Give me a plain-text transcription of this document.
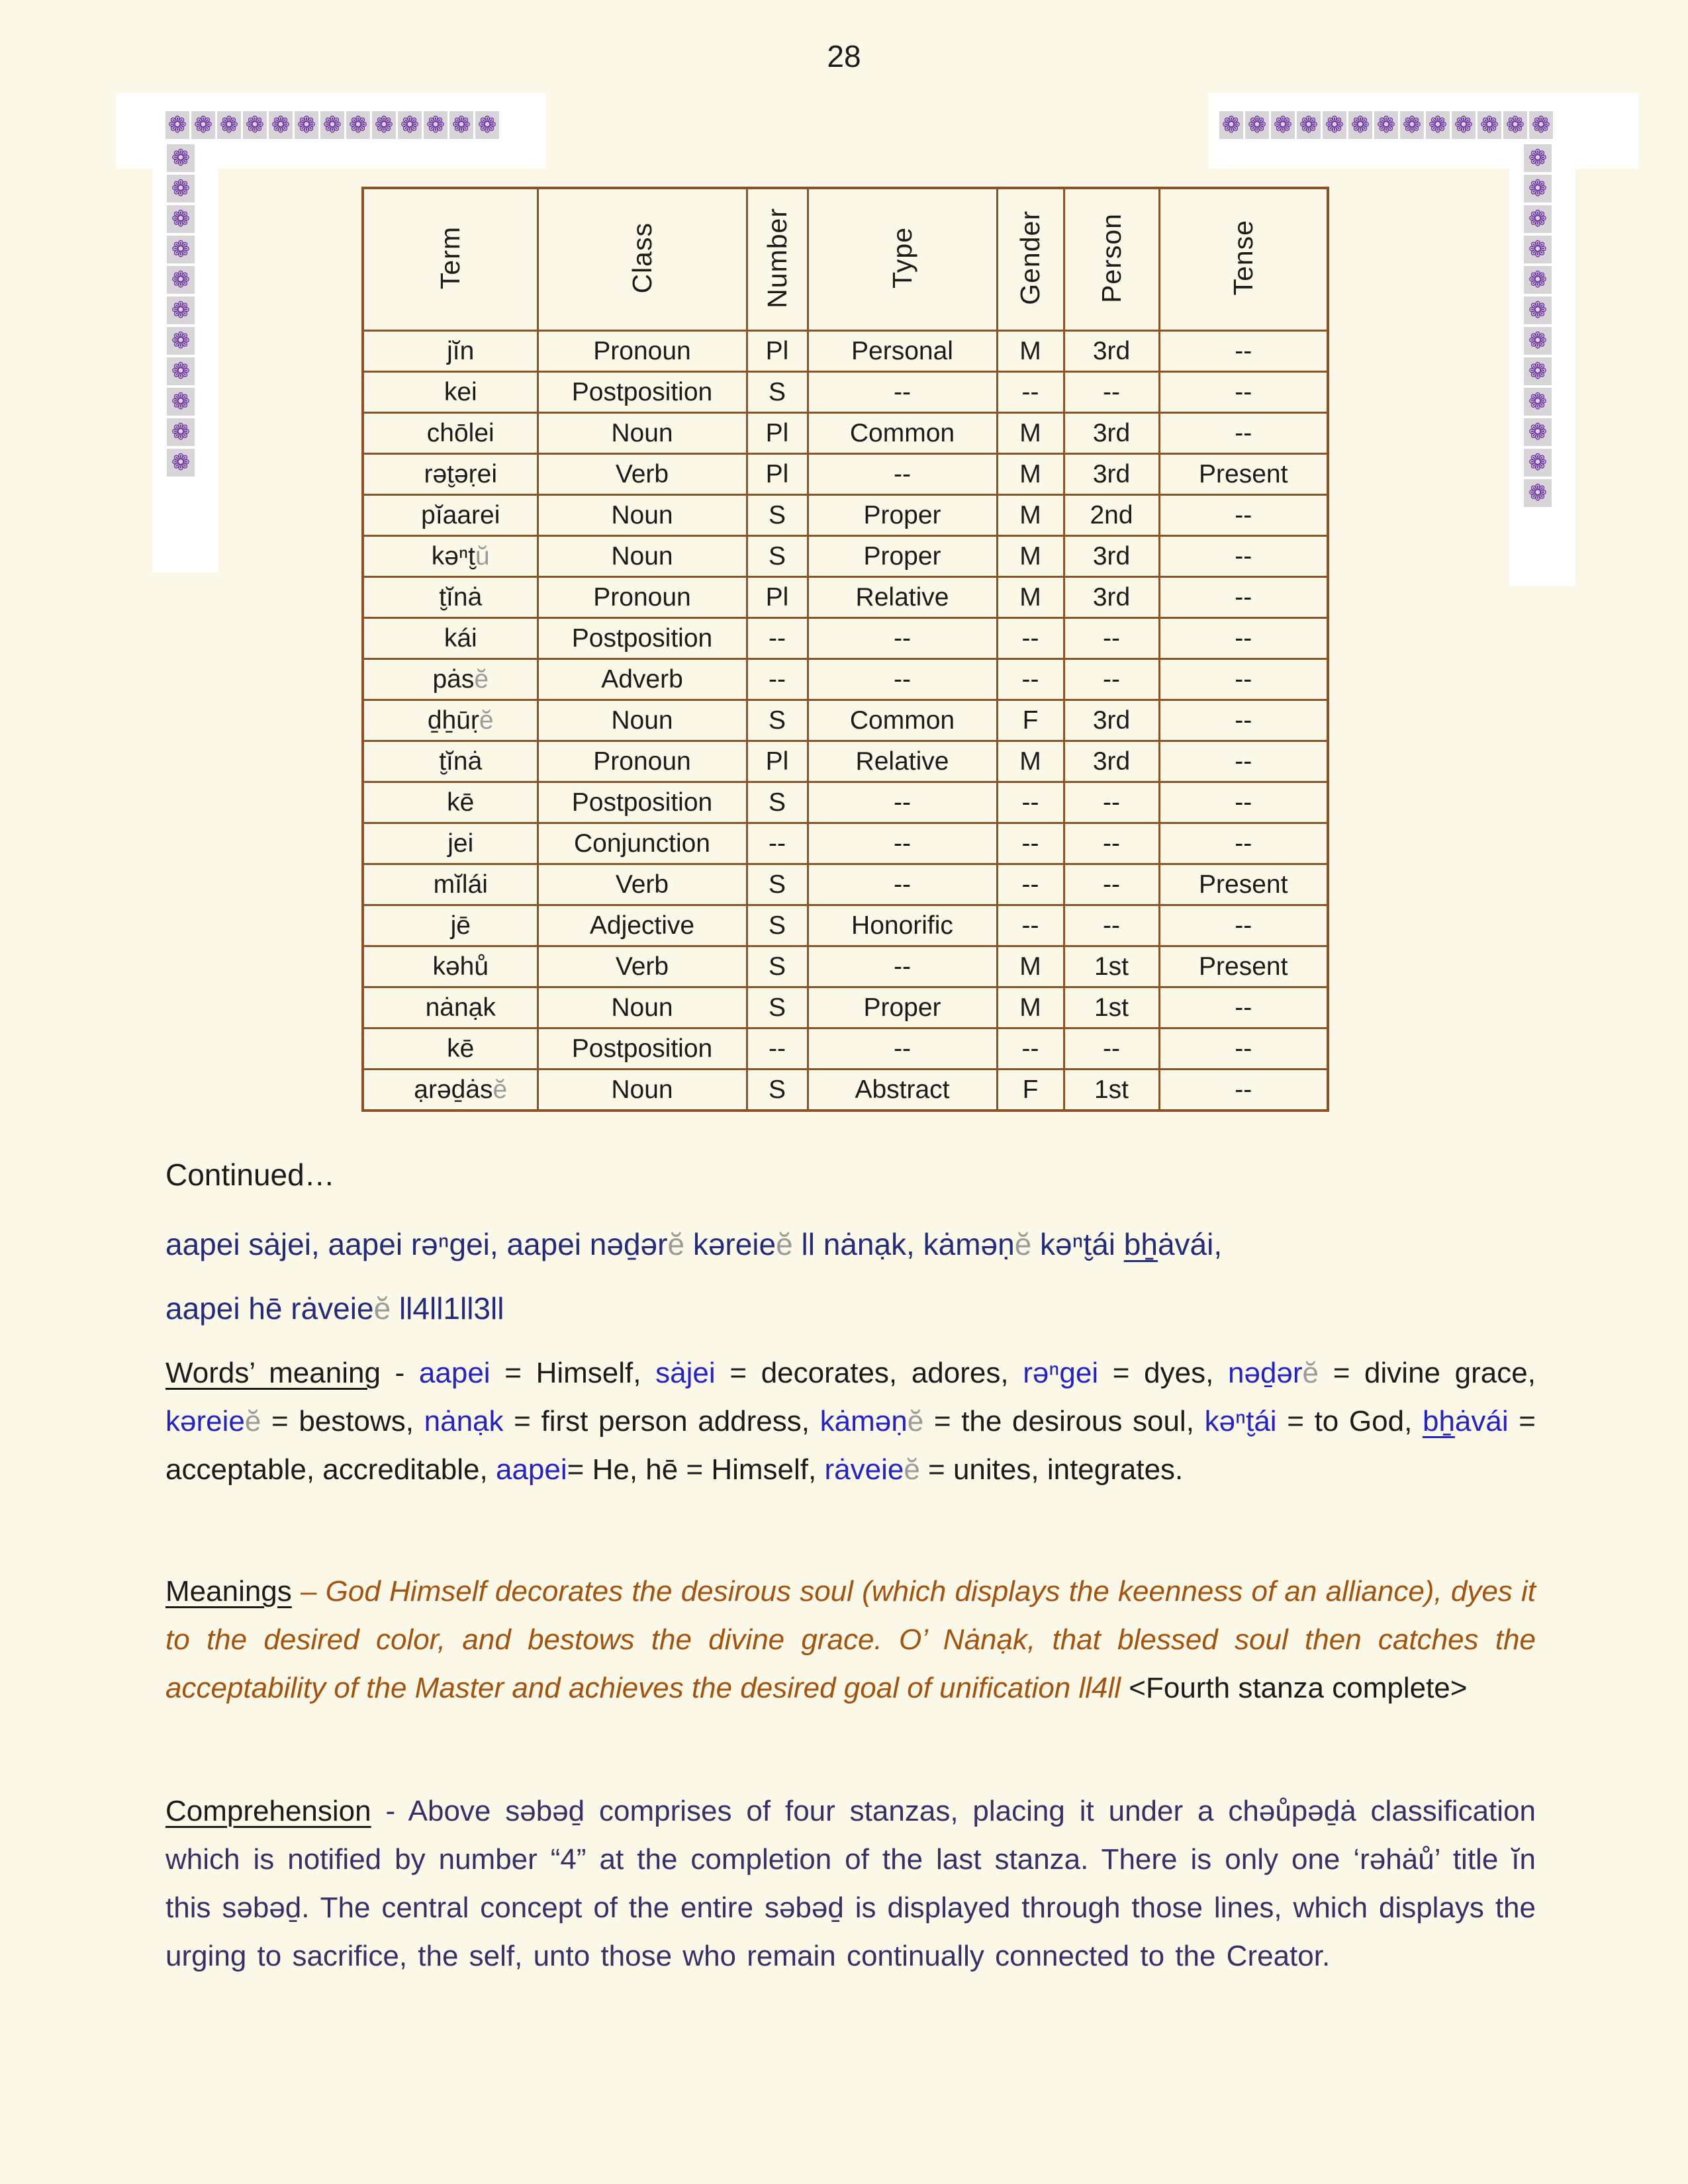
❁ ❁ ❁ ❁ ❁ ❁ ❁ ❁ ❁ ❁ ❁ ❁ ❁
❁
❁
❁
❁
❁
❁
❁
❁
❁
❁
❁
❁ ❁ ❁ ❁ ❁ ❁ ❁ ❁ ❁ ❁ ❁ ❁ ❁
❁
❁
❁
❁
❁
❁
❁
❁
❁
❁
❁
❁
28
Term	Class	Number	Type	Gender	Person	Tense
jĭn	Pronoun	Pl	Personal	M	3rd	--
kei	Postposition	S	--	--	--	--
chōlei	Noun	Pl	Common	M	3rd	--
rət̮əṛei	Verb	Pl	--	M	3rd	Present
pĭaarei	Noun	S	Proper	M	2nd	--
kəⁿt̮ŭ	Noun	S	Proper	M	3rd	--
t̮ĭnȧ	Pronoun	Pl	Relative	M	3rd	--
kái	Postposition	--	--	--	--	--
pȧsĕ	Adverb	--	--	--	--	--
ḏẖūṛĕ	Noun	S	Common	F	3rd	--
t̮ĭnȧ	Pronoun	Pl	Relative	M	3rd	--
kē	Postposition	S	--	--	--	--
jei	Conjunction	--	--	--	--	--
mĭlái	Verb	S	--	--	--	Present
jē	Adjective	S	Honorific	--	--	--
kəhů	Verb	S	--	M	1st	Present
nȧnạk	Noun	S	Proper	M	1st	--
kē	Postposition	--	--	--	--	--
ạrəḏȧsĕ	Noun	S	Abstract	F	1st	--
Continued…
aapei sȧjei, aapei rəⁿgei, aapei nəḏərĕ kəreieĕ ll nȧnạk, kȧməṇĕ kəⁿt̮ái bẖȧvái,
aapei hē rȧveieĕ ll4ll1ll3ll
Words’ meaning - aapei = Himself, sȧjei = decorates, adores, rəⁿgei = dyes, nəḏərĕ = divine grace, kəreieĕ = bestows, nȧnạk = first person address, kȧməṇĕ = the desirous soul, kəⁿt̮ái = to God, bẖȧvái = acceptable, accreditable, aapei= He, hē = Himself, rȧveieĕ = unites, integrates.
Meanings – God Himself decorates the desirous soul (which displays the keenness of an alliance), dyes it to the desired color, and bestows the divine grace. O’ Nȧnạk, that blessed soul then catches the acceptability of the Master and achieves the desired goal of unification ll4ll <Fourth stanza complete>
Comprehension - Above səbəḏ comprises of four stanzas, placing it under a chəůpəḏȧ classification which is notified by number “4” at the completion of the last stanza. There is only one ‘rəhȧů’ title ĭn this səbəḏ. The central concept of the entire səbəḏ is displayed through those lines, which displays the urging to sacrifice, the self, unto those who remain continually connected to the Creator.
